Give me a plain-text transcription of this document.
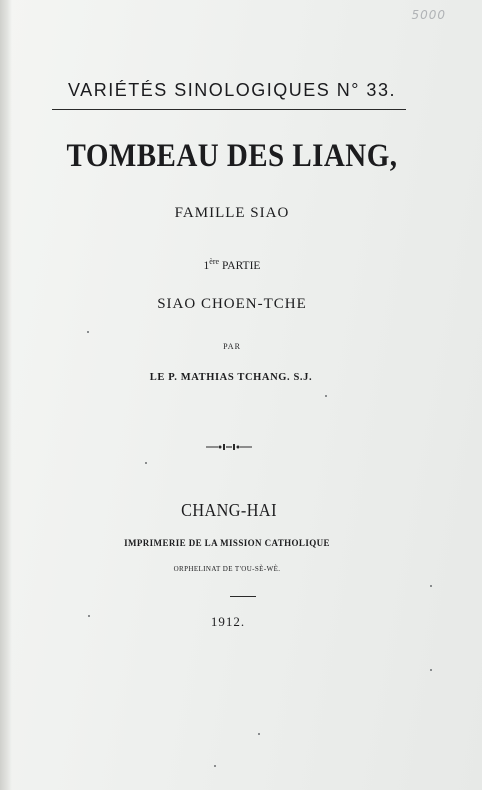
5000
VARIÉTÉS SINOLOGIQUES N° 33.
TOMBEAU DES LIANG,
FAMILLE SIAO
1ère PARTIE
SIAO CHOEN-TCHE
PAR
LE P. MATHIAS TCHANG. S.J.
CHANG-HAI
IMPRIMERIE DE LA MISSION CATHOLIQUE
ORPHELINAT DE T'OU-SÈ-WÈ.
1912.
